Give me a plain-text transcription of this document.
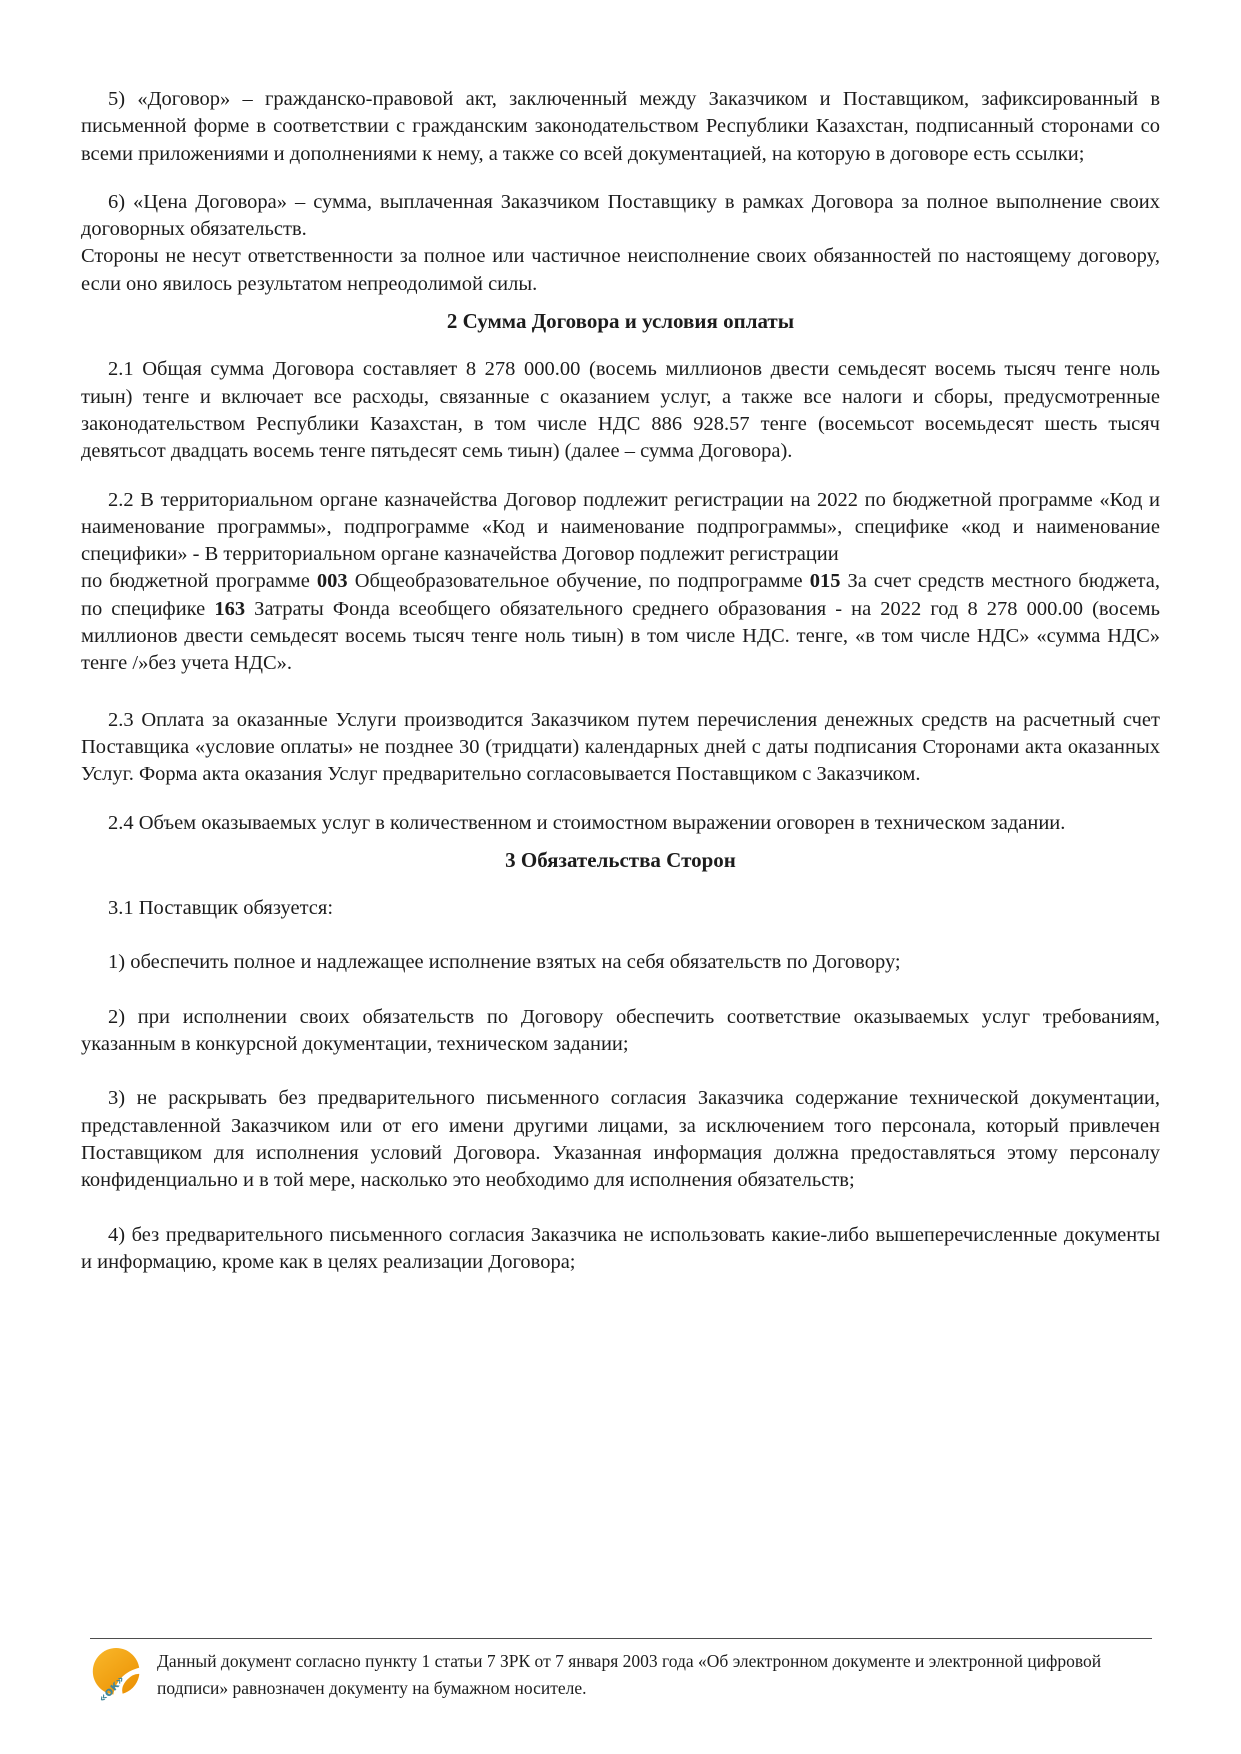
5) «Договор» – гражданско-правовой акт, заключенный между Заказчиком и Поставщиком, зафиксированный в письменной форме в соответствии с гражданским законодательством Республики Казахстан, подписанный сторонами со всеми приложениями и дополнениями к нему, а также со всей документацией, на которую в договоре есть ссылки;

6) «Цена Договора» – сумма, выплаченная Заказчиком Поставщику в рамках Договора за полное выполнение своих договорных обязательств.

Стороны не несут ответственности за полное или частичное неисполнение своих обязанностей по настоящему договору, если оно явилось результатом непреодолимой силы.

2 Сумма Договора и условия оплаты

2.1 Общая сумма Договора составляет 8 278 000.00 (восемь миллионов двести семьдесят восемь тысяч тенге ноль тиын) тенге и включает все расходы, связанные с оказанием услуг, а также все налоги и сборы, предусмотренные законодательством Республики Казахстан, в том числе НДС 886 928.57 тенге (восемьсот восемьдесят шесть тысяч девятьсот двадцать восемь тенге пятьдесят семь тиын) (далее – сумма Договора).

2.2 В территориальном органе казначейства Договор подлежит регистрации на 2022 по бюджетной программе «Код и наименование программы», подпрограмме «Код и наименование подпрограммы», специфике «код и наименование специфики» - В территориальном органе казначейства Договор подлежит регистрации
по бюджетной программе 003 Общеобразовательное обучение, по подпрограмме 015 За счет средств местного бюджета, по специфике 163 Затраты Фонда всеобщего обязательного среднего образования - на 2022 год 8 278 000.00 (восемь миллионов двести семьдесят восемь тысяч тенге ноль тиын) в том числе НДС. тенге, «в том числе НДС» «сумма НДС» тенге /»без учета НДС».

2.3 Оплата за оказанные Услуги производится Заказчиком путем перечисления денежных средств на расчетный счет Поставщика «условие оплаты» не позднее 30 (тридцати) календарных дней с даты подписания Сторонами акта оказанных Услуг. Форма акта оказания Услуг предварительно согласовывается Поставщиком с Заказчиком.

2.4 Объем оказываемых услуг в количественном и стоимостном выражении оговорен в техническом задании.

3 Обязательства Сторон

3.1 Поставщик обязуется:

1) обеспечить полное и надлежащее исполнение взятых на себя обязательств по Договору;

2) при исполнении своих обязательств по Договору обеспечить соответствие оказываемых услуг требованиям, указанным в конкурсной документации, техническом задании;

3) не раскрывать без предварительного письменного согласия Заказчика содержание технической документации, представленной Заказчиком или от его имени другими лицами, за исключением того персонала, который привлечен Поставщиком для исполнения условий Договора. Указанная информация должна предоставляться этому персоналу конфиденциально и в той мере, насколько это необходимо для исполнения обязательств;

4) без предварительного письменного согласия Заказчика не использовать какие-либо вышеперечисленные документы и информацию, кроме как в целях реализации Договора;

«ок»
Данный документ согласно пункту 1 статьи 7 ЗРК от 7 января 2003 года «Об электронном документе и электронной цифровой подписи» равнозначен документу на бумажном носителе.
